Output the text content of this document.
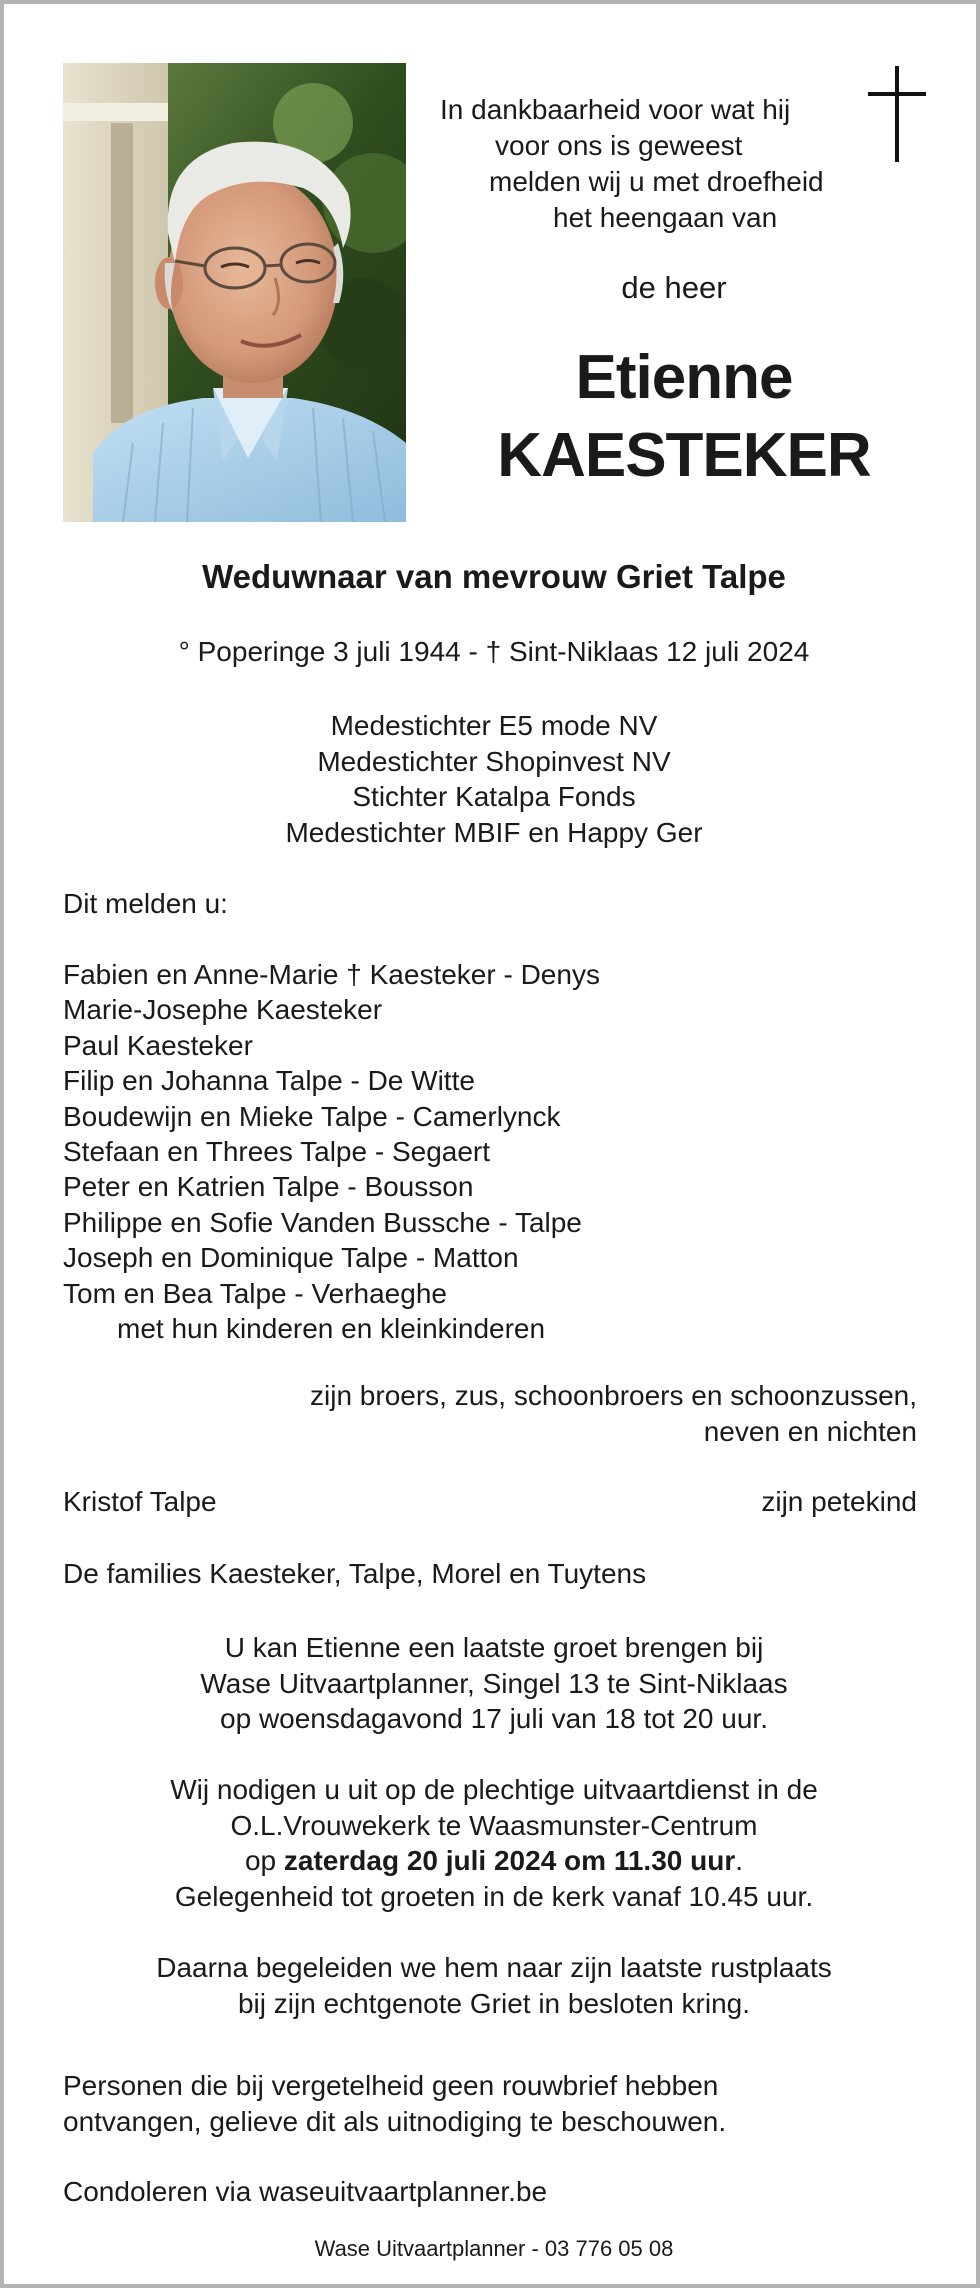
In dankbaarheid voor wat hij
voor ons is geweest
melden wij u met droefheid
het heengaan van
de heer
Etienne
KAESTEKER
Weduwnaar van mevrouw Griet Talpe
° Poperinge 3 juli 1944 - † Sint-Niklaas 12 juli 2024
Medestichter E5 mode NV
Medestichter Shopinvest NV
Stichter Katalpa Fonds
Medestichter MBIF en Happy Ger
Dit melden u:
Fabien en Anne-Marie † Kaesteker - Denys
Marie-Josephe Kaesteker
Paul Kaesteker
Filip en Johanna Talpe - De Witte
Boudewijn en Mieke Talpe - Camerlynck
Stefaan en Threes Talpe - Segaert
Peter en Katrien Talpe - Bousson
Philippe en Sofie Vanden Bussche - Talpe
Joseph en Dominique Talpe - Matton
Tom en Bea Talpe - Verhaeghe
met hun kinderen en kleinkinderen
zijn broers, zus, schoonbroers en schoonzussen,
neven en nichten
Kristof Talpe	zijn petekind
De families Kaesteker, Talpe, Morel en Tuytens
U kan Etienne een laatste groet brengen bij
Wase Uitvaartplanner, Singel 13 te Sint-Niklaas
op woensdagavond 17 juli van 18 tot 20 uur.
Wij nodigen u uit op de plechtige uitvaartdienst in de
O.L.Vrouwekerk te Waasmunster-Centrum
op zaterdag 20 juli 2024 om 11.30 uur.
Gelegenheid tot groeten in de kerk vanaf 10.45 uur.
Daarna begeleiden we hem naar zijn laatste rustplaats
bij zijn echtgenote Griet in besloten kring.
Personen die bij vergetelheid geen rouwbrief hebben
ontvangen, gelieve dit als uitnodiging te beschouwen.
Condoleren via waseuitvaartplanner.be
Wase Uitvaartplanner - 03 776 05 08
